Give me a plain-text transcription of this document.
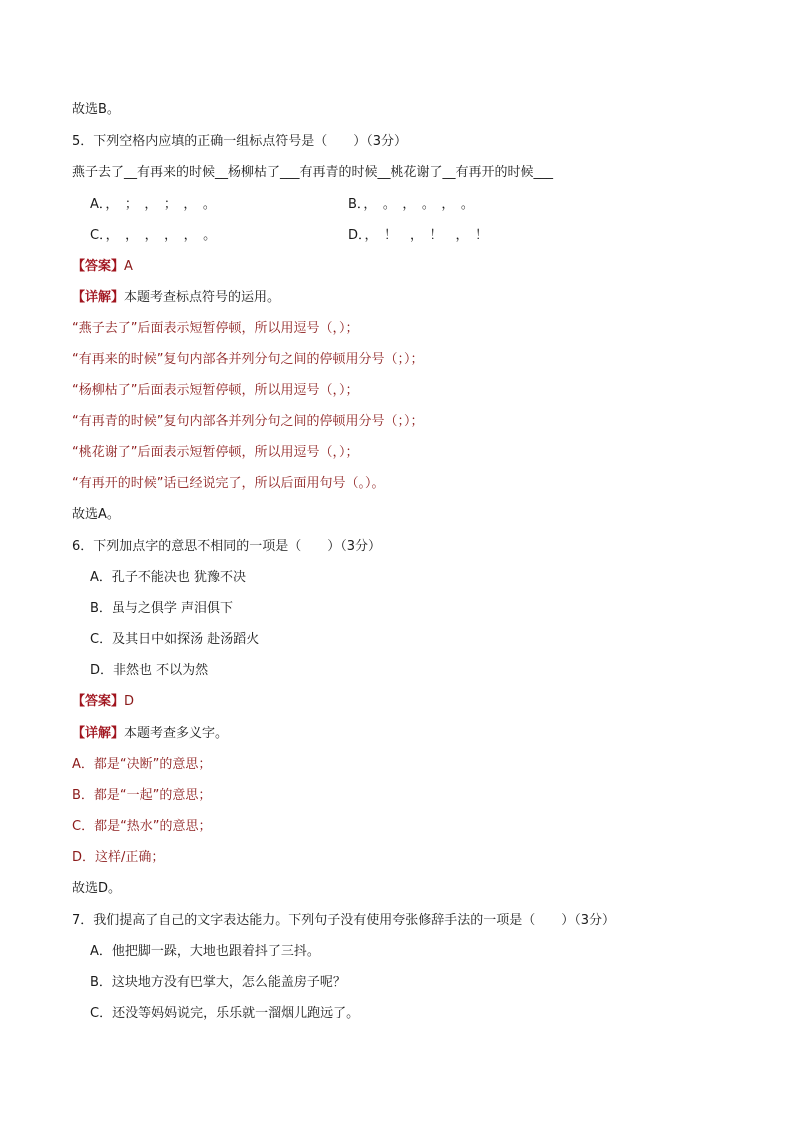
故选B。
5．下列空格内应填的正确一组标点符号是（　　）（3分）
燕子去了__有再来的时候__杨柳枯了___有再青的时候__桃花谢了__有再开的时候___
A．，　；　，　；　，　。	B．，　。　，　。　，　。
C．，　，　，　，　，　。	D．，　！　，　！　，　！
【答案】A
【详解】本题考查标点符号的运用。
“燕子去了”后面表示短暂停顿，所以用逗号（，）；
“有再来的时候”复句内部各并列分句之间的停顿用分号（；）；
“杨柳枯了”后面表示短暂停顿，所以用逗号（，）；
“有再青的时候”复句内部各并列分句之间的停顿用分号（；）；
“桃花谢了”后面表示短暂停顿，所以用逗号（，）；
“有再开的时候”话已经说完了，所以后面用句号（。）。
故选A。
6．下列加点字的意思不相同的一项是（　　）（3分）
A．孔子不能决也 犹豫不决
B．虽与之俱学 声泪俱下
C．及其日中如探汤 赴汤蹈火
D．非然也 不以为然
【答案】D
【详解】本题考查多义字。
A．都是“决断”的意思；
B．都是“一起”的意思；
C．都是“热水”的意思；
D．这样/正确；
故选D。
7．我们提高了自己的文字表达能力。下列句子没有使用夸张修辞手法的一项是（　　）（3分）
A．他把脚一跺，大地也跟着抖了三抖。
B．这块地方没有巴掌大，怎么能盖房子呢？
C．还没等妈妈说完，乐乐就一溜烟儿跑远了。
